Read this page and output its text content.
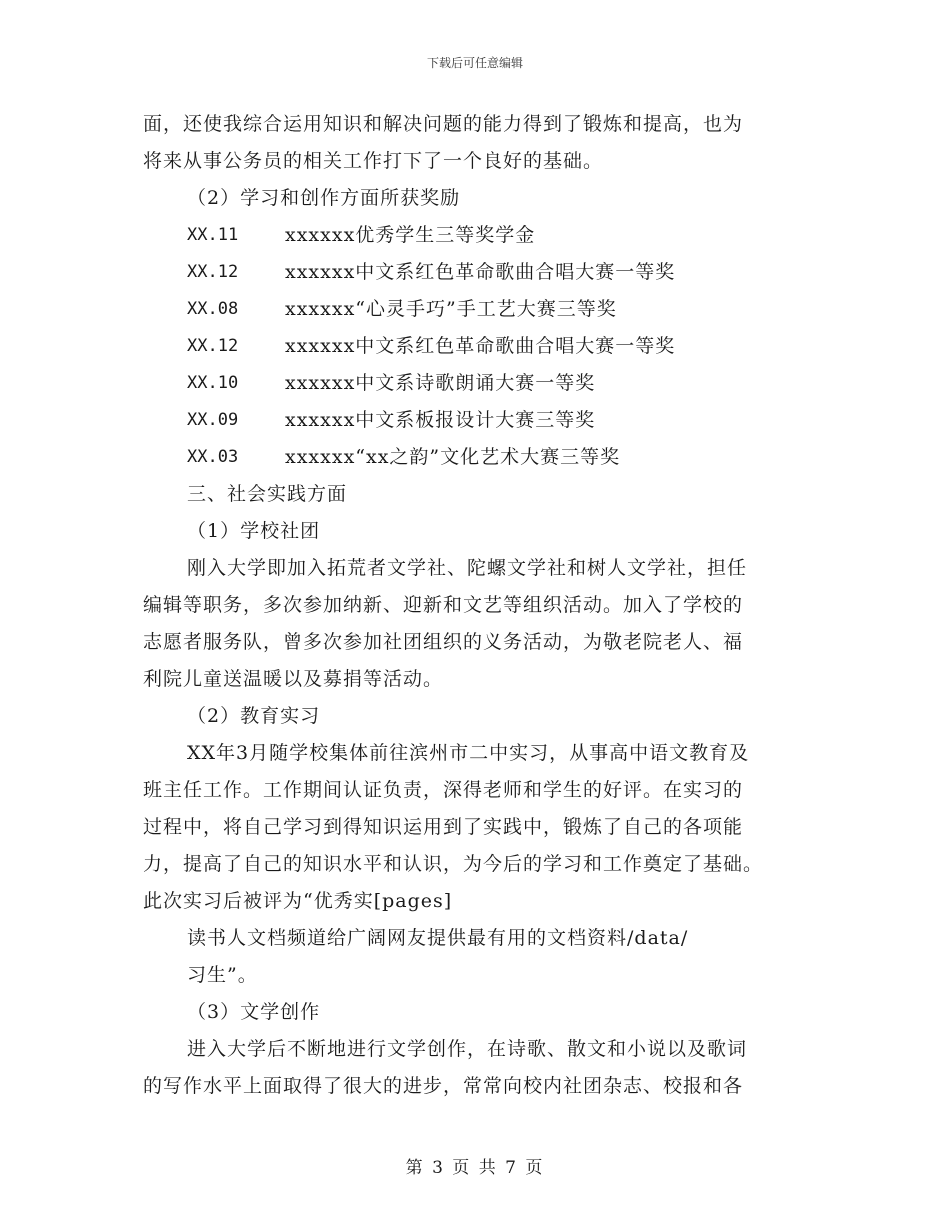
下载后可任意编辑
面，还使我综合运用知识和解决问题的能力得到了锻炼和提高，也为
将来从事公务员的相关工作打下了一个良好的基础。
（2）学习和创作方面所获奖励
XX.11	xxxxxx优秀学生三等奖学金
XX.12	xxxxxx中文系红色革命歌曲合唱大赛一等奖
XX.08	xxxxxx“心灵手巧”手工艺大赛三等奖
XX.12	xxxxxx中文系红色革命歌曲合唱大赛一等奖
XX.10	xxxxxx中文系诗歌朗诵大赛一等奖
XX.09	xxxxxx中文系板报设计大赛三等奖
XX.03	xxxxxx“xx之韵”文化艺术大赛三等奖
三、社会实践方面
（1）学校社团
刚入大学即加入拓荒者文学社、陀螺文学社和树人文学社，担任
编辑等职务，多次参加纳新、迎新和文艺等组织活动。加入了学校的
志愿者服务队，曾多次参加社团组织的义务活动，为敬老院老人、福
利院儿童送温暖以及募捐等活动。
（2）教育实习
XX年3月随学校集体前往滨州市二中实习，从事高中语文教育及
班主任工作。工作期间认证负责，深得老师和学生的好评。在实习的
过程中，将自己学习到得知识运用到了实践中，锻炼了自己的各项能
力，提高了自己的知识水平和认识，为今后的学习和工作奠定了基础。
此次实习后被评为“优秀实[pages]
读书人文档频道给广阔网友提供最有用的文档资料/data/
习生”。
（3）文学创作
进入大学后不断地进行文学创作，在诗歌、散文和小说以及歌词
的写作水平上面取得了很大的进步，常常向校内社团杂志、校报和各
第 3 页 共 7 页
